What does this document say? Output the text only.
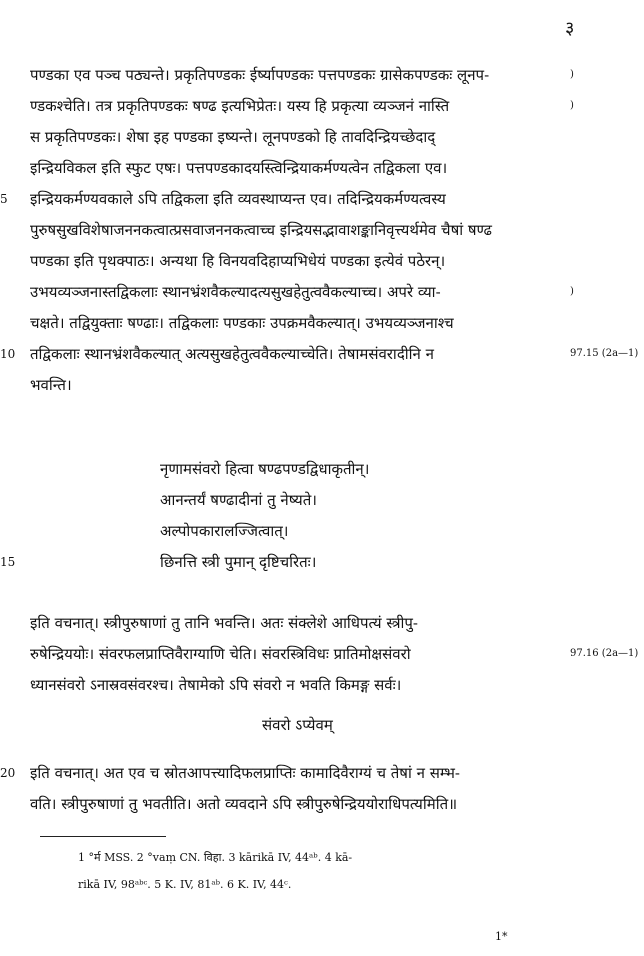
३
पण्डका एव पञ्च पठ्यन्ते। प्रकृतिपण्डकः ईर्ष्यापण्डकः पत्तपण्डकः ग्रासेकपण्डकः लूनप-	)
ण्डकश्चेति। तत्र प्रकृतिपण्डकः षण्ढ इत्यभिप्रेतः। यस्य हि प्रकृत्या व्यञ्जनं नास्ति	)
स प्रकृतिपण्डकः। शेषा इह पण्डका इष्यन्ते। लूनपण्डको हि तावदिन्द्रियच्छेदाद्
इन्द्रियविकल इति स्फुट एषः। पत्तपण्डकादयस्त्विन्द्रियाकर्मण्यत्वेन तद्विकला एव।
इन्द्रियकर्मण्यवकाले ऽपि तद्विकला इति व्यवस्थाप्यन्त एव। तदिन्द्रियकर्मण्यत्वस्य
5
पुरुषसुखविशेषाजननकत्वात्प्रसवाजननकत्वाच्च इन्द्रियसद्भावाशङ्कानिवृत्त्यर्थमेव चैषां षण्ढ
पण्डका इति पृथक्पाठः। अन्यथा हि विनयवदिहाप्यभिधेयं पण्डका इत्येवं पठेरन्।
उभयव्यञ्जनास्तद्विकलाः स्थानभ्रंशवैकल्यादत्यसुखहेतुत्ववैकल्याच्च। अपरे व्या-	)
चक्षते। तद्वियुक्ताः षण्ढाः। तद्विकलाः पण्डकाः उपक्रमवैकल्यात्। उभयव्यञ्जनाश्च
तद्विकलाः स्थानभ्रंशवैकल्यात् अत्यसुखहेतुत्ववैकल्याच्चेति। तेषामसंवरादीनि न
10	97.15 (2a—1)
भवन्ति।
नृणामसंवरो हित्वा षण्ढपण्डद्विधाकृतीन्।
आनन्तर्यं षण्ढादीनां तु नेष्यते।
अल्पोपकारालज्जित्वात्।
छिनत्ति स्त्री पुमान् दृष्टिचरितः।
15
इति वचनात्। स्त्रीपुरुषाणां तु तानि भवन्ति। अतः संक्लेशे आधिपत्यं स्त्रीपु-
रुषेन्द्रिययोः। संवरफलप्राप्तिवैराग्याणि चेति। संवरस्त्रिविधः प्रातिमोक्षसंवरो	97.16 (2a—1)
ध्यानसंवरो ऽनास्रवसंवरश्च। तेषामेको ऽपि संवरो न भवति किमङ्ग सर्वः।
संवरो ऽप्येवम्
इति वचनात्। अत एव च स्रोतआपत्त्यादिफलप्राप्तिः कामादिवैराग्यं च तेषां न सम्भ-
20
वति। स्त्रीपुरुषाणां तु भवतीति। अतो व्यवदाने ऽपि स्त्रीपुरुषेन्द्रिययोराधिपत्यमिति॥
1 °र्म MSS. 2 °vaṃ CN. विहा. 3 kārikā IV, 44ᵃᵇ. 4 kā-
rikā IV, 98ᵃᵇᶜ. 5 K. IV, 81ᵃᵇ. 6 K. IV, 44ᶜ.
1*
